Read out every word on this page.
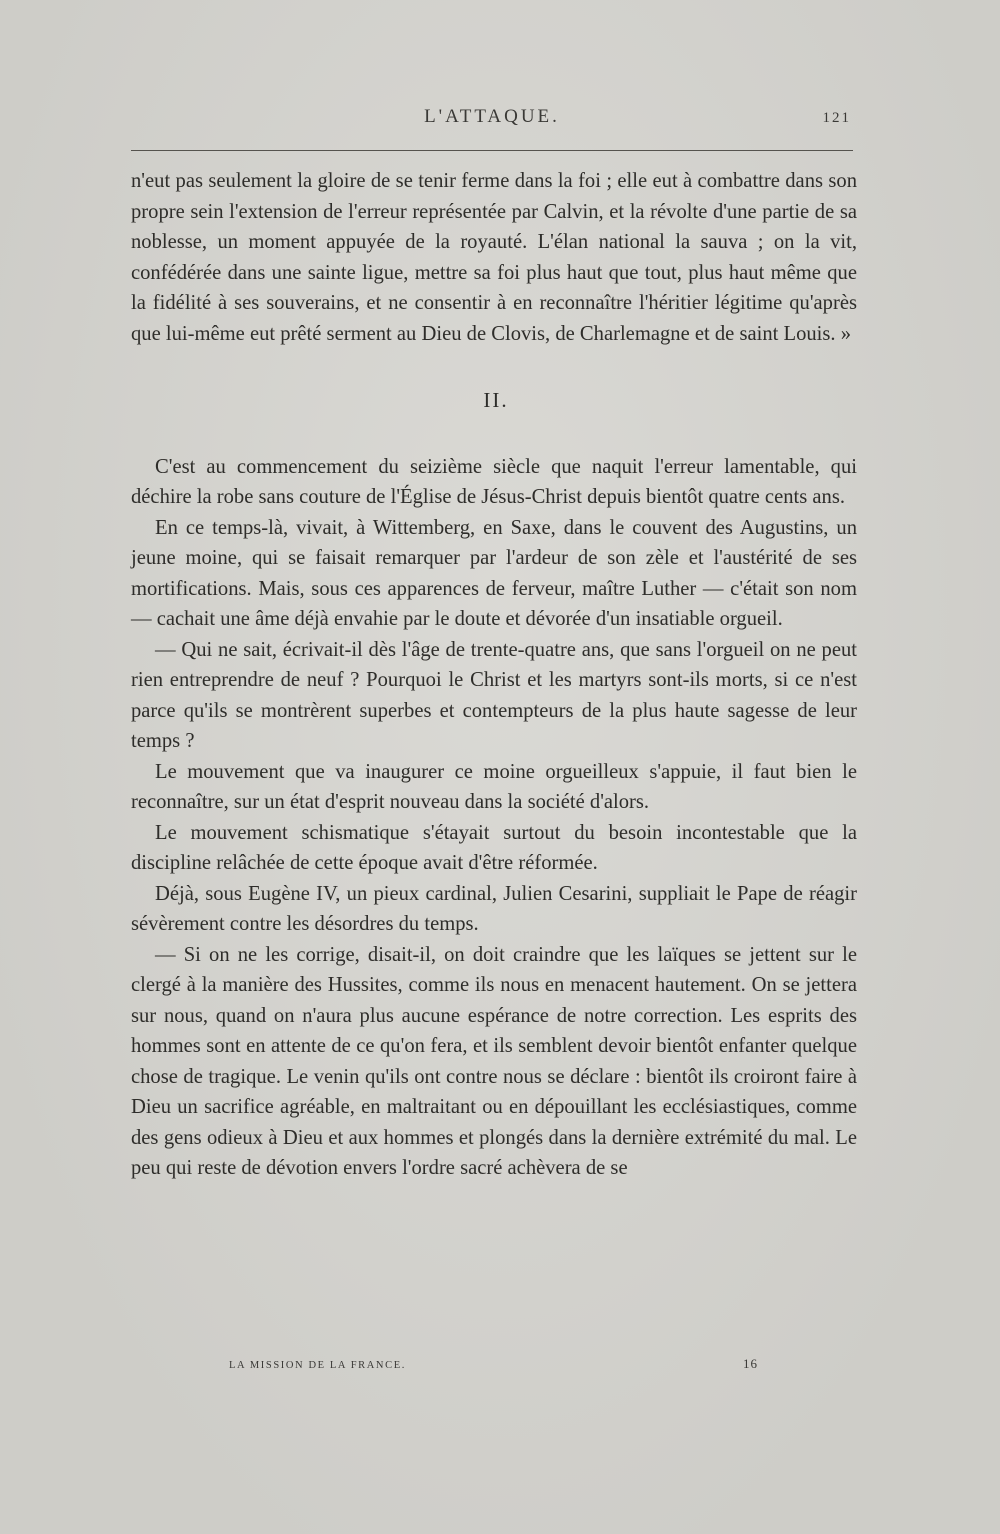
L'ATTAQUE.	121

n'eut pas seulement la gloire de se tenir ferme dans la foi ; elle eut à combattre dans son propre sein l'extension de l'erreur représentée par Calvin, et la révolte d'une partie de sa noblesse, un moment appuyée de la royauté. L'élan national la sauva ; on la vit, confédérée dans une sainte ligue, mettre sa foi plus haut que tout, plus haut même que la fidélité à ses souverains, et ne consentir à en reconnaître l'héritier légitime qu'après que lui-même eut prêté serment au Dieu de Clovis, de Charlemagne et de saint Louis. »

II.

C'est au commencement du seizième siècle que naquit l'erreur lamentable, qui déchire la robe sans couture de l'Église de Jésus-Christ depuis bientôt quatre cents ans.

En ce temps-là, vivait, à Wittemberg, en Saxe, dans le couvent des Augustins, un jeune moine, qui se faisait remarquer par l'ardeur de son zèle et l'austérité de ses mortifications. Mais, sous ces apparences de ferveur, maître Luther — c'était son nom — cachait une âme déjà envahie par le doute et dévorée d'un insatiable orgueil.

— Qui ne sait, écrivait-il dès l'âge de trente-quatre ans, que sans l'orgueil on ne peut rien entreprendre de neuf ? Pourquoi le Christ et les martyrs sont-ils morts, si ce n'est parce qu'ils se montrèrent superbes et contempteurs de la plus haute sagesse de leur temps ?

Le mouvement que va inaugurer ce moine orgueilleux s'appuie, il faut bien le reconnaître, sur un état d'esprit nouveau dans la société d'alors.

Le mouvement schismatique s'étayait surtout du besoin incontestable que la discipline relâchée de cette époque avait d'être réformée.

Déjà, sous Eugène IV, un pieux cardinal, Julien Cesarini, suppliait le Pape de réagir sévèrement contre les désordres du temps.

— Si on ne les corrige, disait-il, on doit craindre que les laïques se jettent sur le clergé à la manière des Hussites, comme ils nous en menacent hautement. On se jettera sur nous, quand on n'aura plus aucune espérance de notre correction. Les esprits des hommes sont en attente de ce qu'on fera, et ils semblent devoir bientôt enfanter quelque chose de tragique. Le venin qu'ils ont contre nous se déclare : bientôt ils croiront faire à Dieu un sacrifice agréable, en maltraitant ou en dépouillant les ecclésiastiques, comme des gens odieux à Dieu et aux hommes et plongés dans la dernière extrémité du mal. Le peu qui reste de dévotion envers l'ordre sacré achèvera de se

LA MISSION DE LA FRANCE.	16
